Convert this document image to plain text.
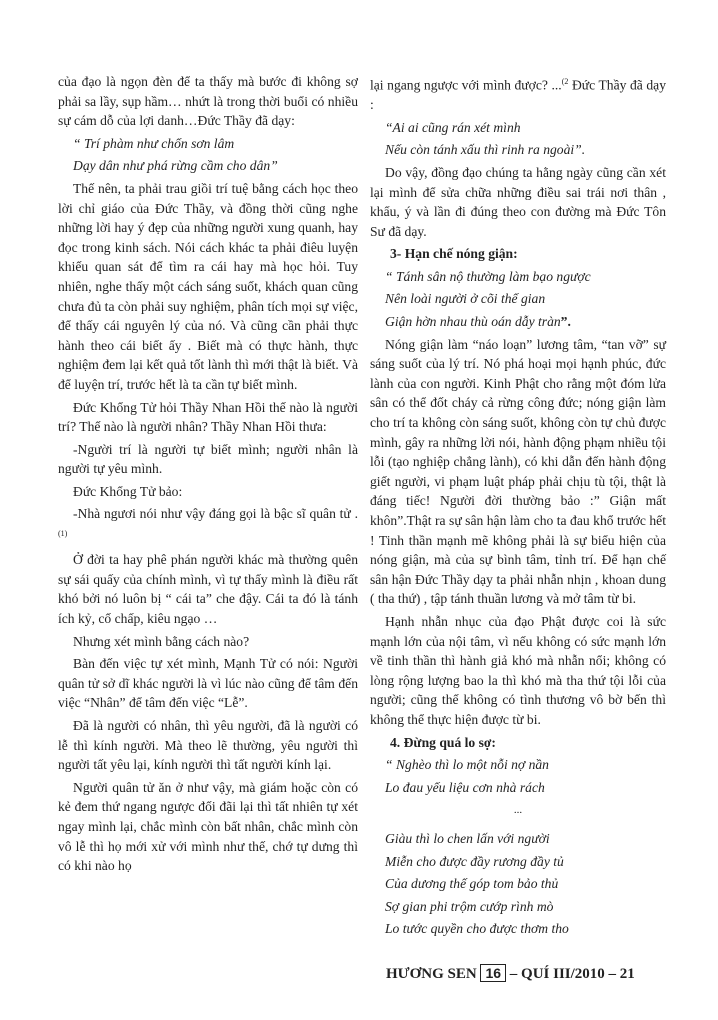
của đạo là ngọn đèn để ta thấy mà bước đi không sợ phải sa lầy, sụp hầm… nhứt là trong thời buổi có nhiều sự cám dỗ của lợi danh…Đức Thầy đã dạy:

“ Trí phàm như chốn sơn lâm

Dạy dân như phá rừng cầm cho dân”

Thế nên, ta phải trau giồi trí tuệ bằng cách học theo lời chỉ giáo của Đức Thầy, và đồng thời cũng nghe những lời hay ý đẹp của những người xung quanh, hay đọc trong kinh sách. Nói cách khác ta phải điêu luyện khiếu quan sát để tìm ra cái hay mà học hỏi. Tuy nhiên, nghe thấy một cách sáng suốt, khách quan cũng chưa đủ ta còn phải suy nghiệm, phân tích mọi sự việc, để thấy cái nguyên lý của nó. Và cũng cần phải thực hành theo cái biết ấy . Biết mà có thực hành, thực nghiệm đem lại kết quả tốt lành thì mới thật là biết. Và để luyện trí, trước hết là ta cần tự biết mình.

Đức Khổng Tử hỏi Thầy Nhan Hồi thế nào là người trí? Thế nào là người nhân? Thầy Nhan Hồi thưa:

-Người trí là người tự biết mình; người nhân là người tự yêu mình.

Đức Khổng Tử bảo:

-Nhà ngươi nói như vậy đáng gọi là bậc sĩ quân tử .$^{(1)}$

Ở đời ta hay phê phán người khác mà thường quên sự sái quấy của chính mình, vì tự thấy mình là điều rất khó bởi nó luôn bị “ cái ta” che đậy. Cái ta đó là tánh ích kỷ, cố chấp, kiêu ngạo …

Nhưng xét mình bằng cách nào?

Bàn đến việc tự xét mình, Mạnh Tử có nói: Người quân tử sở dĩ khác người là vì lúc nào cũng để tâm đến việc “Nhân” để tâm đến việc “Lễ”.

Đã là người có nhân, thì yêu người, đã là người có lễ thì kính người. Mà theo lẽ thường, yêu người thì người tất yêu lại, kính người thì tất người kính lại.

Người quân tử ăn ở như vậy, mà giám hoặc còn có kẻ đem thứ ngang ngược đối đãi lại thì tất nhiên tự xét ngay mình lại, chắc mình còn bất nhân, chắc mình còn vô lễ thì họ mới xử với mình như thế, chớ tự dưng thì có khi nào họ

lại ngang ngược với mình được? ...$^{(2}$ Đức Thầy đã dạy :

“Ai ai cũng rán xét mình

Nếu còn tánh xấu thì rinh ra ngoài”.

Do vậy, đồng đạo chúng ta hằng ngày cũng cần xét lại mình để sửa chữa những điều sai trái nơi thân , khẩu, ý và lần đi đúng theo con đường mà Đức Tôn Sư đã dạy.

3- Hạn chế nóng giận:

“ Tánh sân nộ thường làm bạo ngược

Nên loài người ở cõi thế gian

Giận hờn nhau thù oán dẫy tràn”.

Nóng giận làm “náo loạn” lương tâm, “tan vỡ” sự sáng suốt của lý trí. Nó phá hoại mọi hạnh phúc, đức lành của con người. Kinh Phật cho rằng một đóm lửa sân có thể đốt cháy cả rừng công đức; nóng giận làm cho trí ta không còn sáng suốt, không còn tự chủ được mình, gây ra những lời nói, hành động phạm nhiều tội lỗi (tạo nghiệp chẳng lành), có khi dẫn đến hành động giết người, vi phạm luật pháp phải chịu tù tội, thật là đáng tiếc! Người đời thường bảo :” Giận mất khôn”.Thật ra sự sân hận làm cho ta đau khổ trước hết ! Tinh thần mạnh mẽ không phải là sự biểu hiện của nóng giận, mà của sự bình tâm, tỉnh trí. Để hạn chế sân hận Đức Thầy dạy ta phải nhẫn nhịn , khoan dung ( tha thứ) , tập tánh thuần lương và mở tâm từ bi.

Hạnh nhẫn nhục của đạo Phật được coi là sức mạnh lớn của nội tâm, vì nếu không có sức mạnh lớn về tinh thần thì hành giả khó mà nhẫn nổi; không có lòng rộng lượng bao la thì khó mà tha thứ tội lỗi của người; cũng thế không có tình thương vô bờ bến thì không thể thực hiện được từ bi.

4. Đừng quá lo sợ:

“ Nghèo thì lo một nỗi nợ nần

Lo đau yếu liệu cơn nhà rách

...

Giàu thì lo chen lấn với người

Miễn cho được đầy rương đầy tủ

Của dương thế góp tom bảo thủ

Sợ gian phi trộm cướp rình mò

Lo tước quyền cho được thơm tho

HƯƠNG SEN 16 – QUÍ III/2010 – 21
